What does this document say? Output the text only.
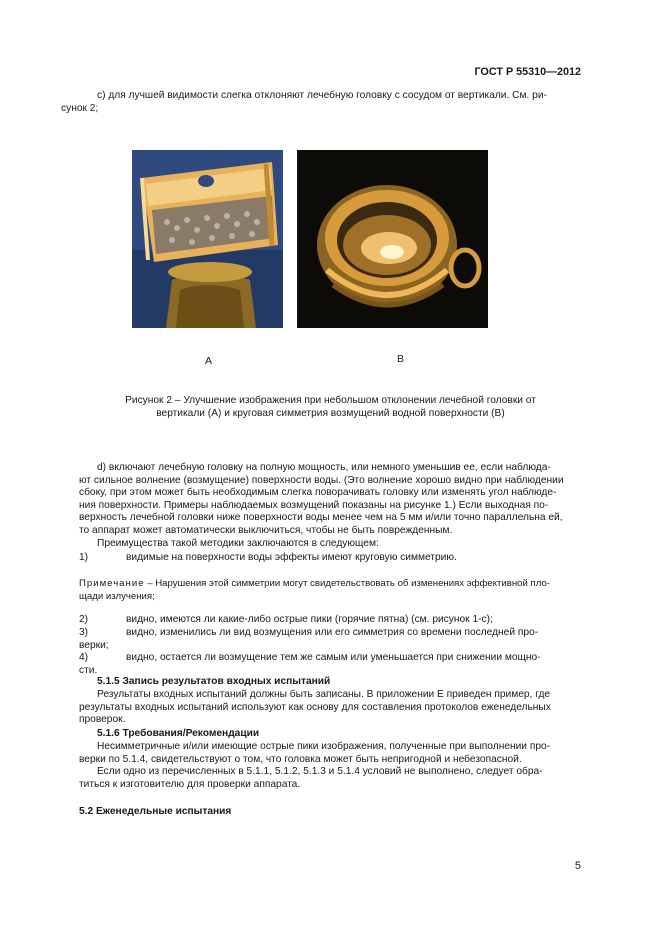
ГОСТ Р 55310—2012
с) для лучшей видимости слегка отклоняют лечебную головку с сосудом от вертикали. См. ри-
сунок 2;
А	В
Рисунок 2 – Улучшение изображения при небольшом отклонении лечебной головки от
вертикали (А) и круговая симметрия возмущений водной поверхности (В)
d) включают лечебную головку на полную мощность, или немного уменьшив ее, если наблюда-
ют сильное волнение (возмущение) поверхности воды. (Это волнение хорошо видно при наблюдении
сбоку, при этом может быть необходимым слегка поворачивать головку или изменять угол наблюде-
ния поверхности. Примеры наблюдаемых возмущений показаны на рисунке 1.) Если выходная по-
верхность лечебной головки ниже поверхности воды менее чем на 5 мм и/или точно параллельна ей,
то аппарат может автоматически выключиться, чтобы не быть поврежденным.
Преимущества такой методики заключаются в следующем:
1)	видимые на поверхности воды эффекты имеют круговую симметрию.
Примечание – Нарушения этой симметрии могут свидетельствовать об изменениях эффективной пло-
щади излучения;
2)	видно, имеются ли какие-либо острые пики (горячие пятна) (см. рисунок 1-с);
3)	видно, изменились ли вид возмущения или его симметрия со времени последней про-
верки;
4)	видно, остается ли возмущение тем же самым или уменьшается при снижении мощно-
сти.
5.1.5 Запись результатов входных испытаний
Результаты входных испытаний должны быть записаны. В приложении Е приведен пример, где
результаты входных испытаний используют как основу для составления протоколов еженедельных
проверок.
5.1.6 Требования/Рекомендации
Несимметричные и/или имеющие острые пики изображения, полученные при выполнении про-
верки по 5.1.4, свидетельствуют о том, что головка может быть непригодной и небезопасной.
Если одно из перечисленных в 5.1.1, 5.1.2, 5.1.3 и 5.1.4 условий не выполнено, следует обра-
титься к изготовителю для проверки аппарата.
5.2 Еженедельные испытания
5
